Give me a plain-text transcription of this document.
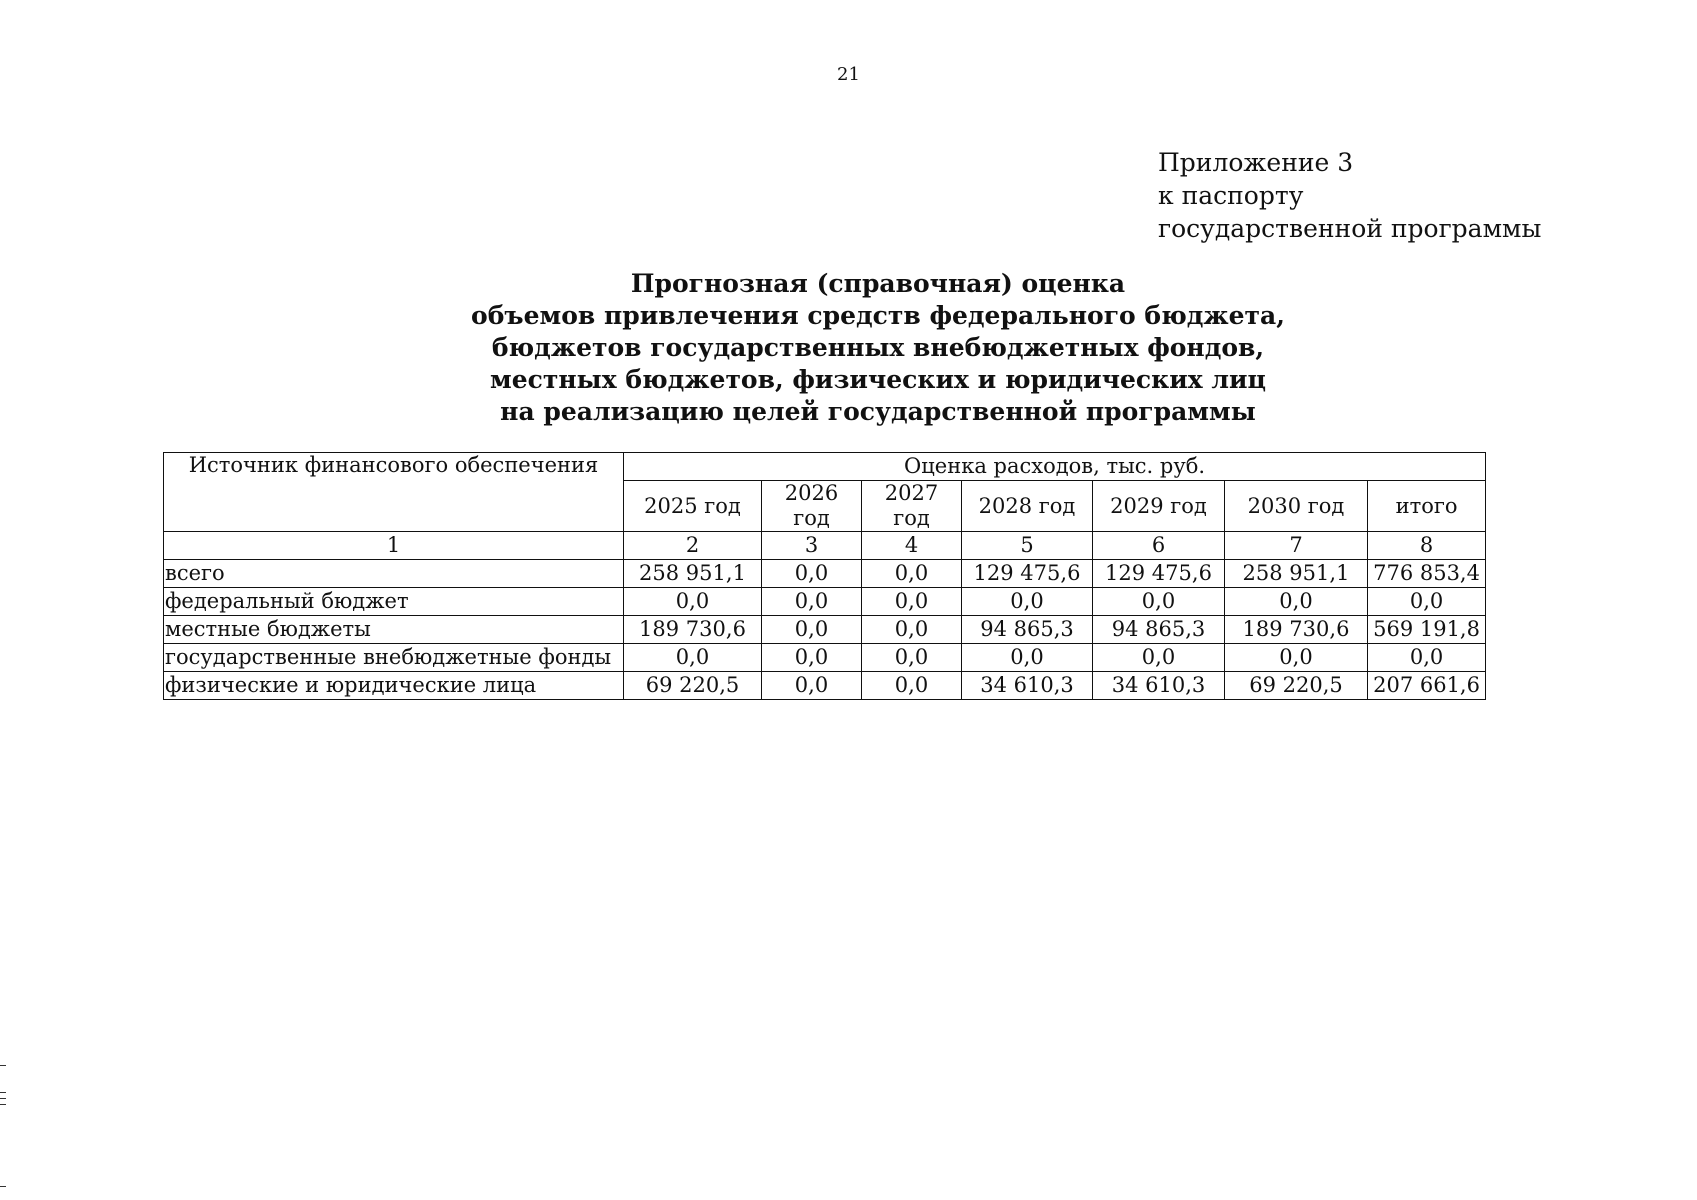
21
Приложение 3
к паспорту
государственной программы
Прогнозная (справочная) оценка
объемов привлечения средств федерального бюджета,
бюджетов государственных внебюджетных фондов,
местных бюджетов, физических и юридических лиц
на реализацию целей государственной программы
Источник финансового обеспечения	Оценка расходов, тыс. руб.						
	2025 год	2026 год	2027 год	2028 год	2029 год	2030 год	итого
1	2	3	4	5	6	7	8
всего	258 951,1	0,0	0,0	129 475,6	129 475,6	258 951,1	776 853,4
федеральный бюджет	0,0	0,0	0,0	0,0	0,0	0,0	0,0
местные бюджеты	189 730,6	0,0	0,0	94 865,3	94 865,3	189 730,6	569 191,8
государственные внебюджетные фонды	0,0	0,0	0,0	0,0	0,0	0,0	0,0
физические и юридические лица	69 220,5	0,0	0,0	34 610,3	34 610,3	69 220,5	207 661,6
